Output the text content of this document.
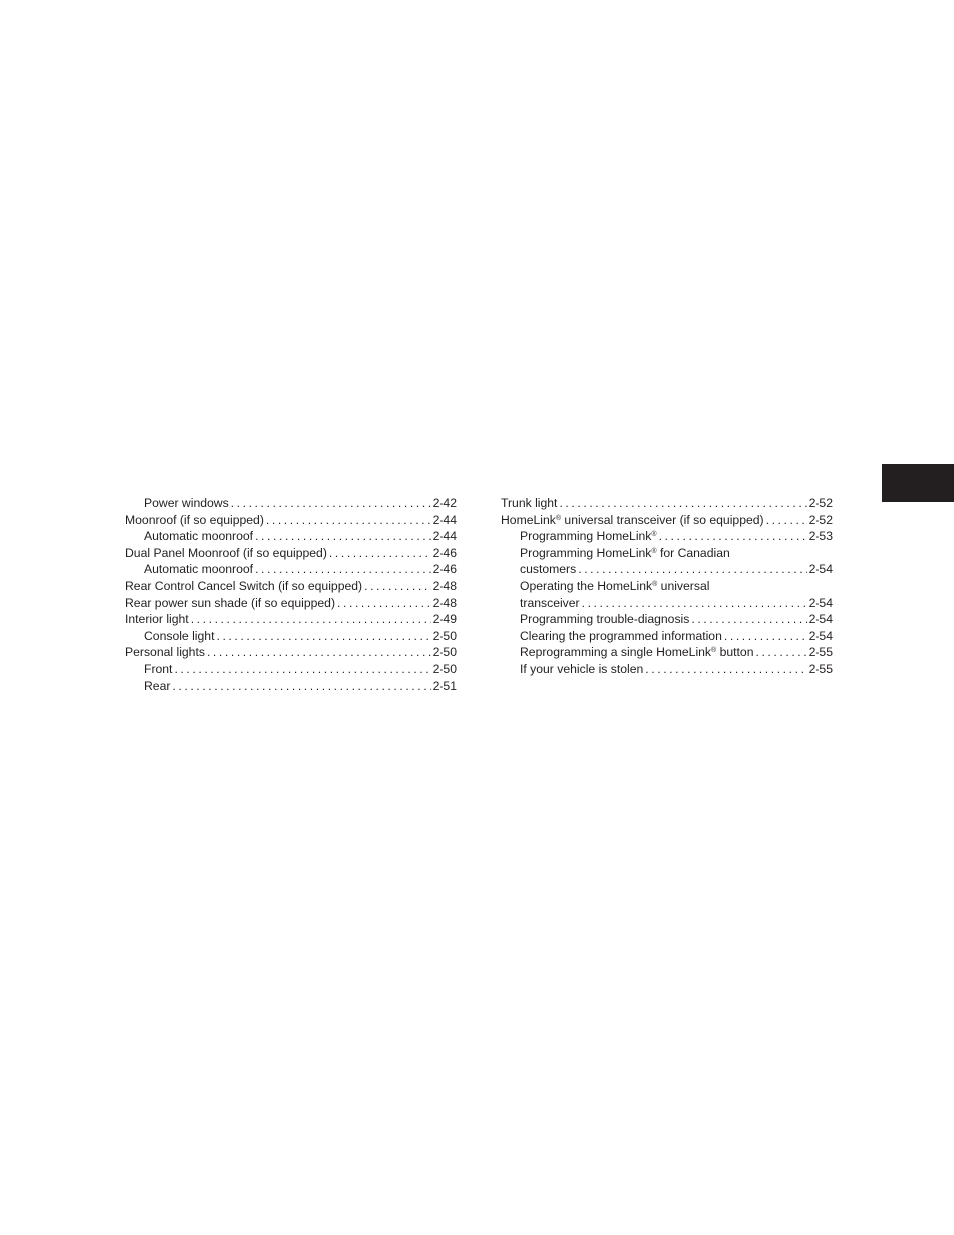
Power windows . . .	2-42
Moonroof (if so equipped) . . .	2-44
Automatic moonroof . . .	2-44
Dual Panel Moonroof (if so equipped) . . .	2-46
Automatic moonroof . . .	2-46
Rear Control Cancel Switch (if so equipped) . . .	2-48
Rear power sun shade (if so equipped) . . .	2-48
Interior light . . .	2-49
Console light . . .	2-50
Personal lights . . .	2-50
Front . . .	2-50
Rear . . .	2-51
Trunk light . . .	2-52
HomeLink® universal transceiver (if so equipped) . . .	2-52
Programming HomeLink® . . .	2-53
Programming HomeLink® for Canadian
customers . . .	2-54
Operating the HomeLink® universal
transceiver . . .	2-54
Programming trouble-diagnosis . . .	2-54
Clearing the programmed information . . .	2-54
Reprogramming a single HomeLink® button . . .	2-55
If your vehicle is stolen . . .	2-55
